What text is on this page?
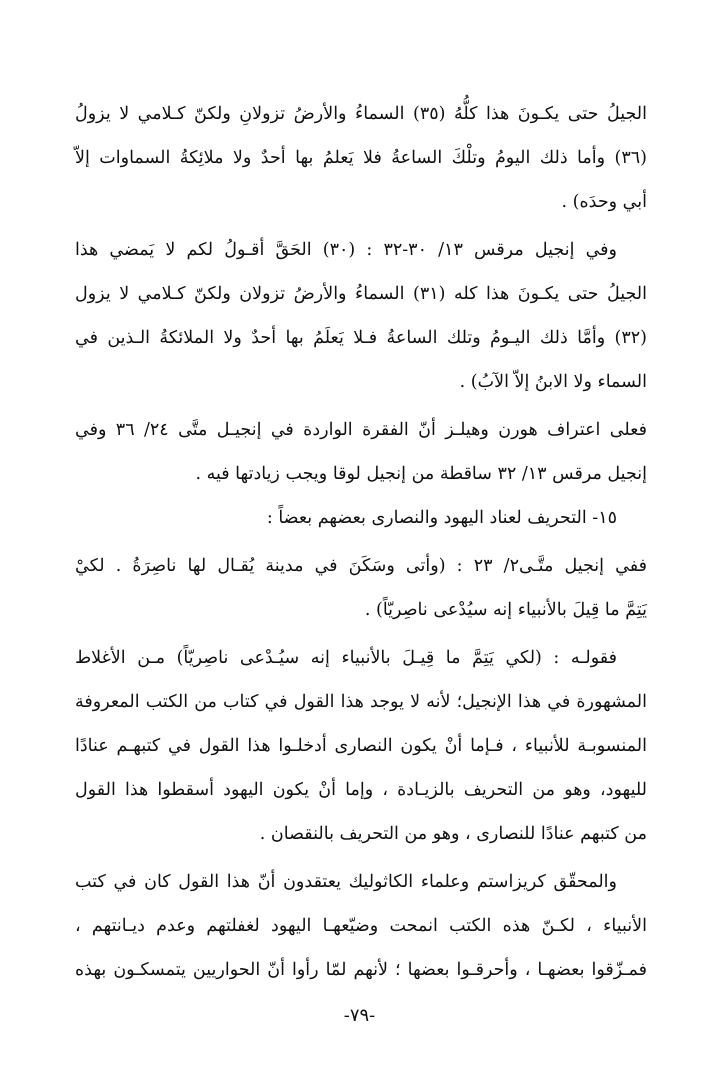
الجيلُ حتى يكـونَ هذا كلُّهُ (٣٥) السماءُ والأرضُ تزولانِ ولكنّ كـلامي لا يزولُ
(٣٦) وأما ذلك اليومُ وتلْكَ الساعةُ فلا يَعلمُ بها أحدٌ ولا ملائِكةُ السماوات إلاّ
أبي وحدَه) .
وفي إنجيل مرقس ١٣/ ٣٠-٣٢ : (٣٠) الحَقَّ أقـولُ لكم لا يَمضي هذا
الجيلُ حتى يكـونَ هذا كله (٣١) السماءُ والأرضُ تزولان ولكنّ كـلامي لا يزول
(٣٢) وأمَّا ذلك اليـومُ وتلك الساعةُ فـلا يَعلَمُ بها أحدٌ ولا الملائكةُ الـذين في
السماء ولا الابنُ إلاّ الآبُ) .
فعلى اعتراف هورن وهيلـز أنّ الفقرة الواردة في إنجيـل متَّى ٢٤/ ٣٦ وفي
إنجيل مرقس ١٣/ ٣٢ ساقطة من إنجيل لوقا ويجب زيادتها فيه .
١٥- التحريف لعناد اليهود والنصارى بعضهم بعضاً :
ففي إنجيل متَّـى٢/ ٢٣ : (وأتى وسَكَنَ في مدينة يُقـال لها ناصِرَةُ . لكيْ
يَتِمَّ ما قِيلَ بالأنبياء إنه سيُدْعى ناصِريّاً) .
فقولـه : (لكي يَتِمَّ ما قِيـلَ بالأنبياء إنه سيُـدْعى ناصِريّاً) مـن الأغلاط
المشهورة في هذا الإنجيل؛ لأنه لا يوجد هذا القول في كتاب من الكتب المعروفة
المنسوبـة للأنبياء ، فـإما أنْ يكون النصارى أدخلـوا هذا القول في كتبهـم عنادًا
لليهود، وهو من التحريف بالزيـادة ، وإما أنْ يكون اليهود أسقطوا هذا القول
من كتبهم عنادًا للنصارى ، وهو من التحريف بالنقصان .
والمحقّق كريزاستم وعلماء الكاثوليك يعتقدون أنّ هذا القول كان في كتب
الأنبياء ، لكـنّ هذه الكتب انمحت وضيّعهـا اليهود لغفلتهم وعدم ديـانتهم ،
فمـزّقوا بعضهـا ، وأحرقـوا بعضها ؛ لأنهم لمّا رأوا أنّ الحواريين يتمسكـون بهذه
-٧٩-
